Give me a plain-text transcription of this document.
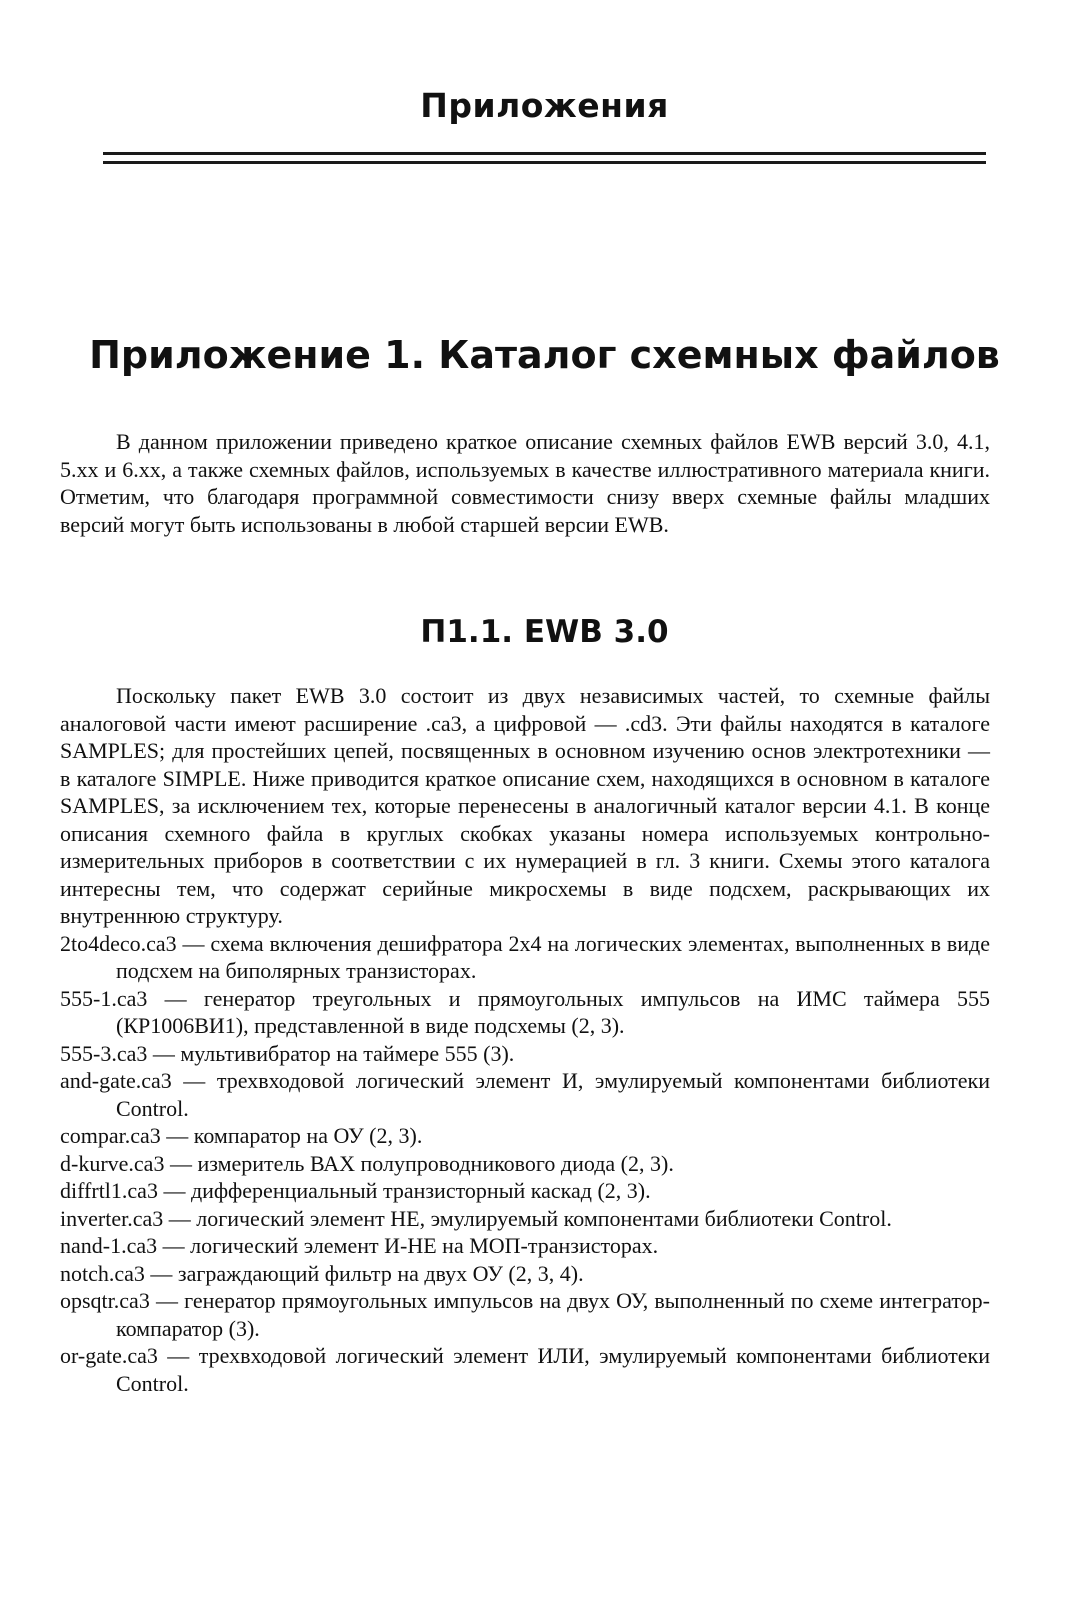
Приложения
Приложение 1. Каталог схемных файлов

В данном приложении приведено краткое описание схемных файлов EWB версий 3.0, 4.1, 5.xx и 6.xx, а также схемных файлов, используемых в качестве иллюстративного материала книги. Отметим, что благодаря программной совместимости снизу вверх схемные файлы младших версий могут быть использованы в любой старшей версии EWB.

П1.1. EWB 3.0

Поскольку пакет EWB 3.0 состоит из двух независимых частей, то схемные файлы аналоговой части имеют расширение .ca3, а цифровой — .cd3. Эти файлы находятся в каталоге SAMPLES; для простейших цепей, посвященных в основном изучению основ электротехники — в каталоге SIMPLE. Ниже приводится краткое описание схем, находящихся в основном в каталоге SAMPLES, за исключением тех, которые перенесены в аналогичный каталог версии 4.1. В конце описания схемного файла в круглых скобках указаны номера используемых контрольно-измерительных приборов в соответствии с их нумерацией в гл. 3 книги. Схемы этого каталога интересны тем, что содержат серийные микросхемы в виде подсхем, раскрывающих их внутреннюю структуру.

2to4deco.ca3 — схема включения дешифратора 2x4 на логических элементах, выполненных в виде подсхем на биполярных транзисторах.
555-1.ca3 — генератор треугольных и прямоугольных импульсов на ИМС таймера 555 (КР1006ВИ1), представленной в виде подсхемы (2, 3).
555-3.ca3 — мультивибратор на таймере 555 (3).
and-gate.ca3 — трехвходовой логический элемент И, эмулируемый компонентами библиотеки Control.
compar.ca3 — компаратор на ОУ (2, 3).
d-kurve.ca3 — измеритель ВАХ полупроводникового диода (2, 3).
diffrtl1.ca3 — дифференциальный транзисторный каскад (2, 3).
inverter.ca3 — логический элемент НЕ, эмулируемый компонентами библиотеки Control.
nand-1.ca3 — логический элемент И-НЕ на МОП-транзисторах.
notch.ca3 — заграждающий фильтр на двух ОУ (2, 3, 4).
opsqtr.ca3 — генератор прямоугольных импульсов на двух ОУ, выполненный по схеме интегратор-компаратор (3).
or-gate.ca3 — трехвходовой логический элемент ИЛИ, эмулируемый компонентами библиотеки Control.
